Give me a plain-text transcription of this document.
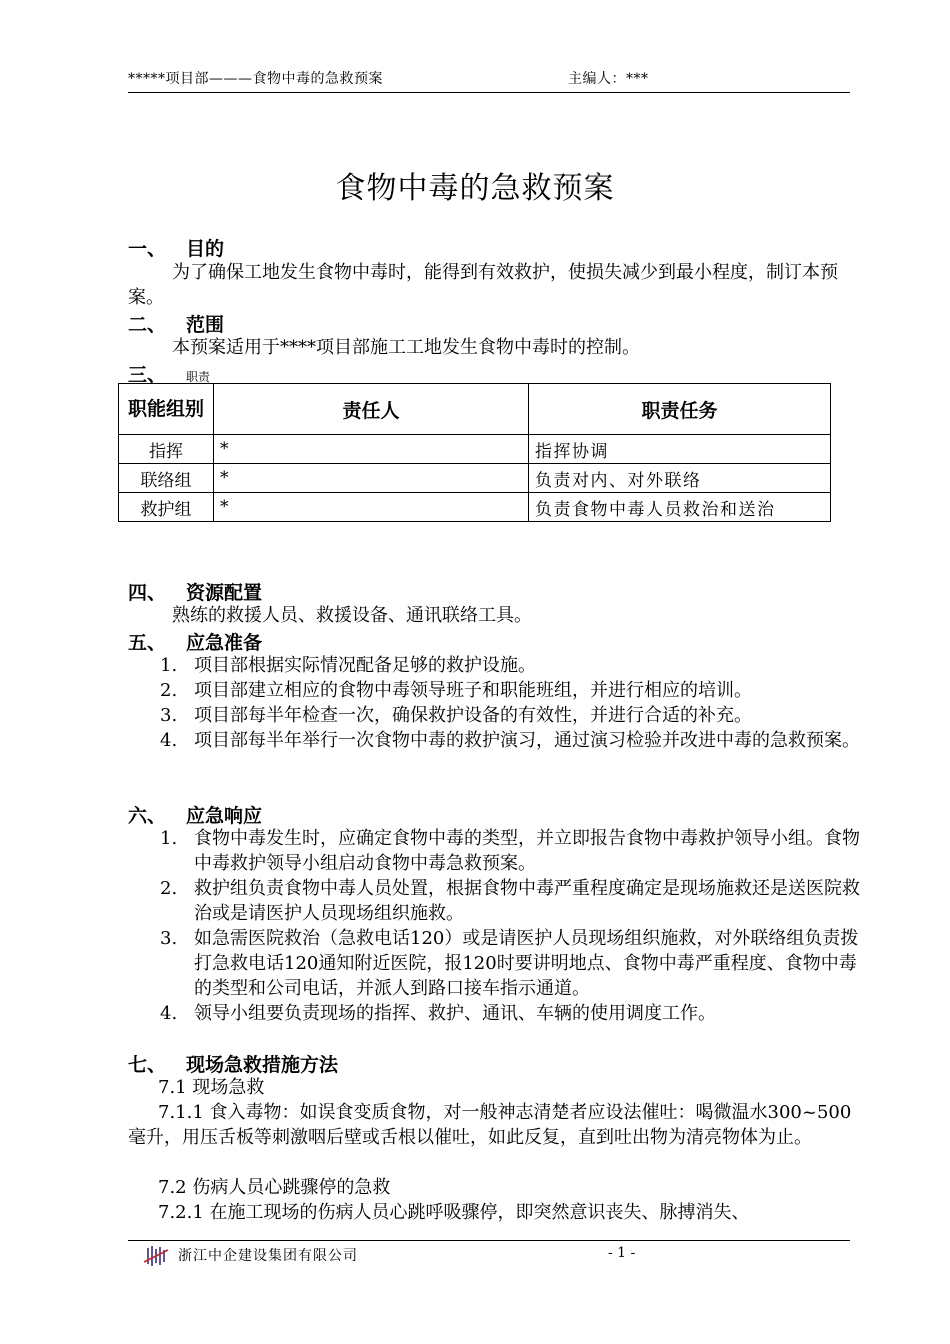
*****项目部———食物中毒的急救预案	主编人：***
食物中毒的急救预案
一、 目的
为了确保工地发生食物中毒时，能得到有效救护，使损失减少到最小程度，制订本预案。
二、 范围
本预案适用于****项目部施工工地发生食物中毒时的控制。
三、 职责
职能组别	责任人	职责任务
指挥	*	指挥协调
联络组	*	负责对内、对外联络
救护组	*	负责食物中毒人员救治和送治
四、 资源配置
熟练的救援人员、救援设备、通讯联络工具。
五、 应急准备
1. 项目部根据实际情况配备足够的救护设施。
2. 项目部建立相应的食物中毒领导班子和职能班组，并进行相应的培训。
3. 项目部每半年检查一次，确保救护设备的有效性，并进行合适的补充。
4. 项目部每半年举行一次食物中毒的救护演习，通过演习检验并改进中毒的急救预案。
六、 应急响应
1. 食物中毒发生时，应确定食物中毒的类型，并立即报告食物中毒救护领导小组。食物中毒救护领导小组启动食物中毒急救预案。
2. 救护组负责食物中毒人员处置，根据食物中毒严重程度确定是现场施救还是送医院救治或是请医护人员现场组织施救。
3. 如急需医院救治（急救电话120）或是请医护人员现场组织施救，对外联络组负责拨打急救电话120通知附近医院，报120时要讲明地点、食物中毒严重程度、食物中毒的类型和公司电话，并派人到路口接车指示通道。
4. 领导小组要负责现场的指挥、救护、通讯、车辆的使用调度工作。
七、 现场急救措施方法
7.1 现场急救
7.1.1 食入毒物：如误食变质食物，对一般神志清楚者应设法催吐：喝微温水300~500毫升，用压舌板等刺激咽后壁或舌根以催吐，如此反复，直到吐出物为清亮物体为止。
7.2 伤病人员心跳骤停的急救
7.2.1 在施工现场的伤病人员心跳呼吸骤停，即突然意识丧失、脉搏消失、
浙江中企建设集团有限公司	- 1 -
